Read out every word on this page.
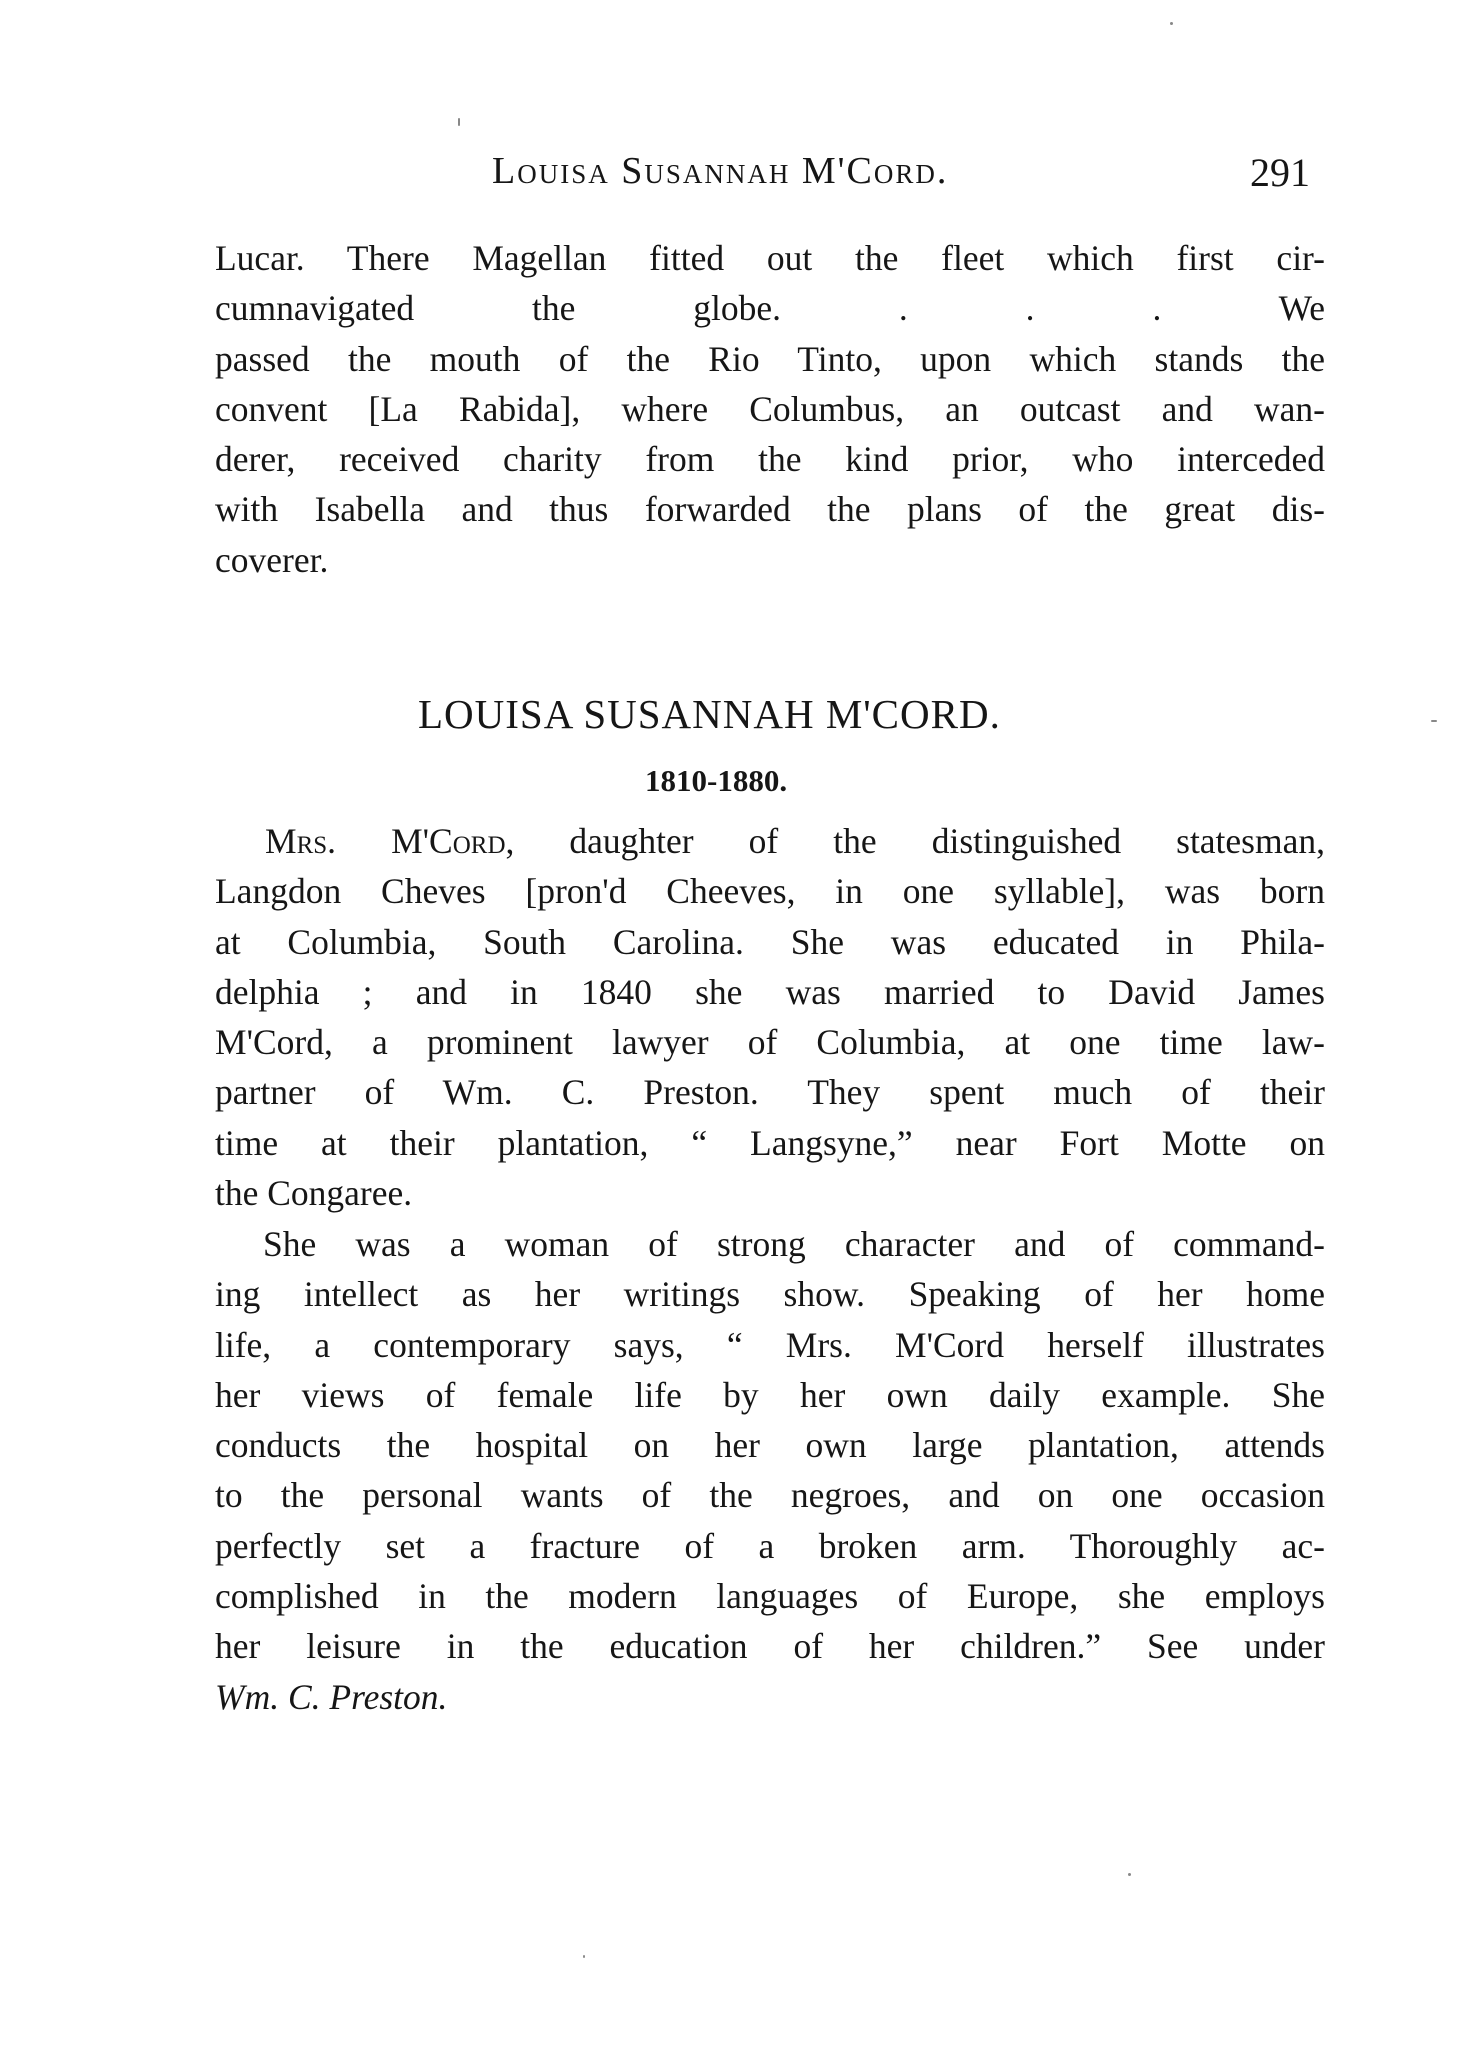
Louisa Susannah M'Cord.	291
Lucar. There Magellan fitted out the fleet which first cir-
cumnavigated the globe. . . . We
passed the mouth of the Rio Tinto, upon which stands the
convent [La Rabida], where Columbus, an outcast and wan-
derer, received charity from the kind prior, who interceded
with Isabella and thus forwarded the plans of the great dis-
coverer.
LOUISA SUSANNAH M'CORD.
1810-1880.
Mrs. M'Cord, daughter of the distinguished statesman,
Langdon Cheves [pron'd Cheeves, in one syllable], was born
at Columbia, South Carolina. She was educated in Phila-
delphia ; and in 1840 she was married to David James
M'Cord, a prominent lawyer of Columbia, at one time law-
partner of Wm. C. Preston. They spent much of their
time at their plantation, “ Langsyne,” near Fort Motte on
the Congaree.
She was a woman of strong character and of command-
ing intellect as her writings show. Speaking of her home
life, a contemporary says, “ Mrs. M'Cord herself illustrates
her views of female life by her own daily example. She
conducts the hospital on her own large plantation, attends
to the personal wants of the negroes, and on one occasion
perfectly set a fracture of a broken arm. Thoroughly ac-
complished in the modern languages of Europe, she employs
her leisure in the education of her children.” See under
Wm. C. Preston.
